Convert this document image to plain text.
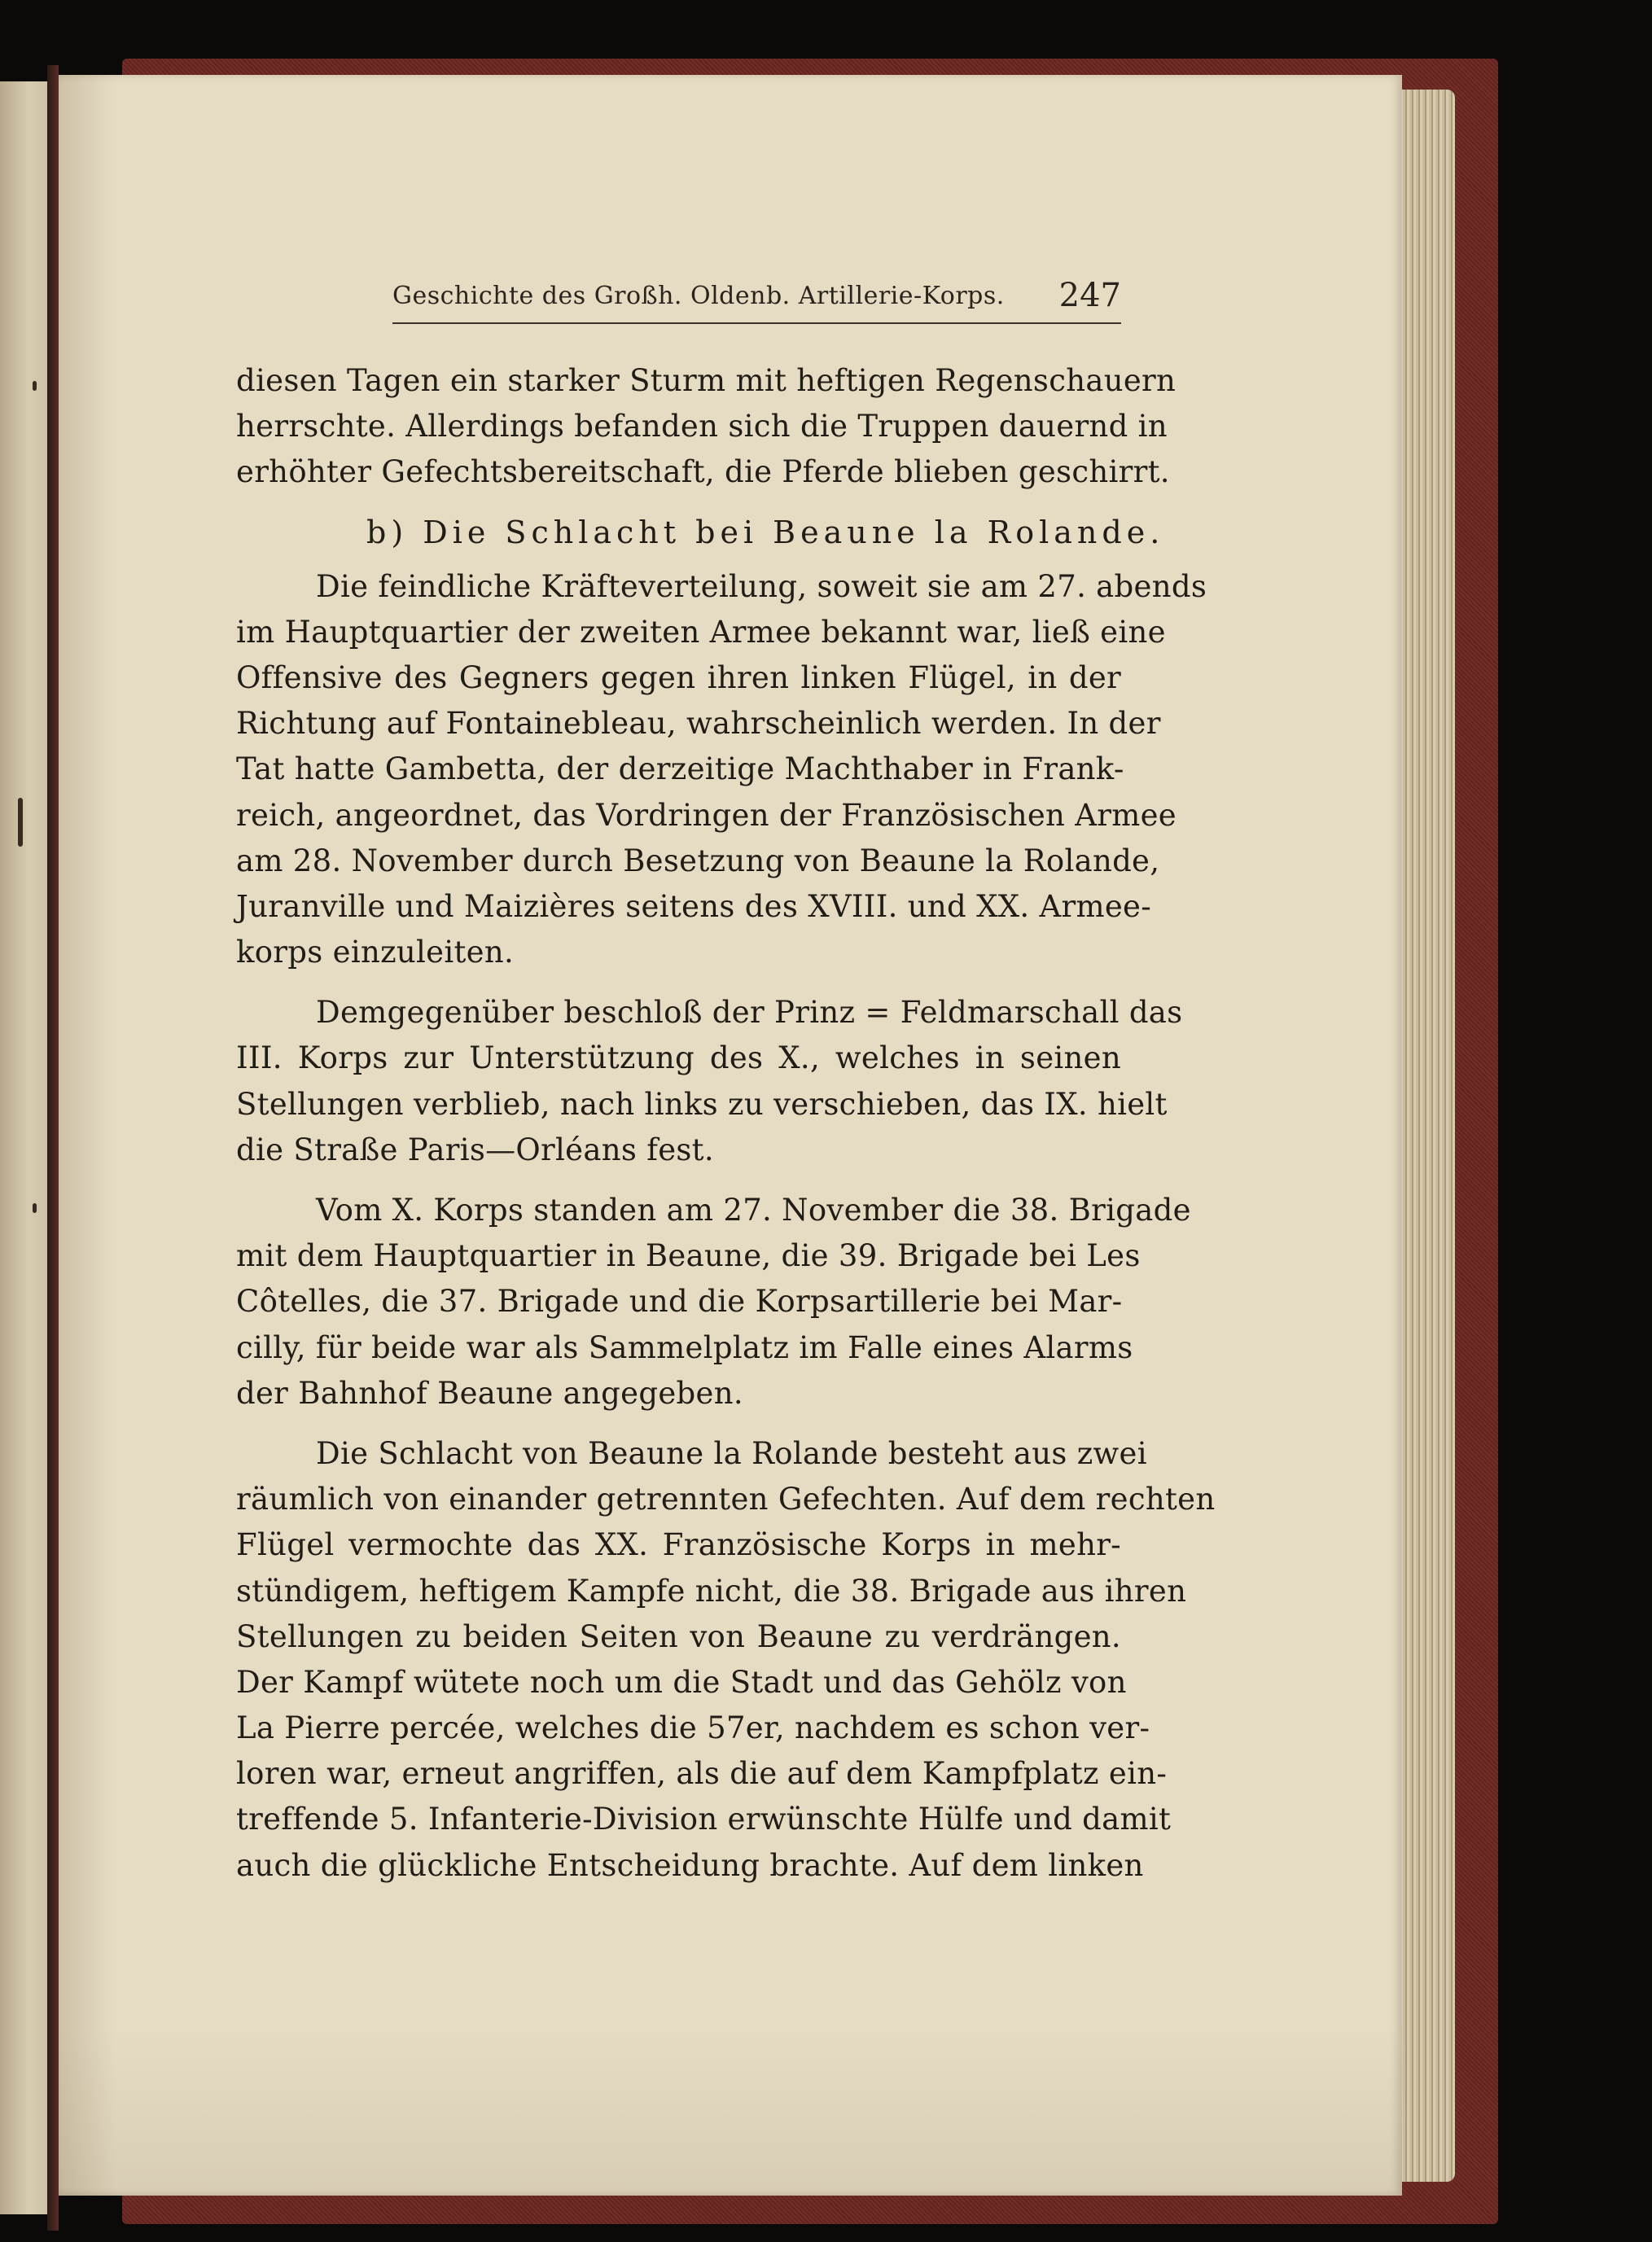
Geschichte des Großh. Oldenb. Artillerie-Korps. 247
diesen Tagen ein starker Sturm mit heftigen Regenschauern
herrschte. Allerdings befanden sich die Truppen dauernd in
erhöhter Gefechtsbereitschaft, die Pferde blieben geschirrt.
b) Die Schlacht bei Beaune la Rolande.
Die feindliche Kräfteverteilung, soweit sie am 27. abends
im Hauptquartier der zweiten Armee bekannt war, ließ eine
Offensive des Gegners gegen ihren linken Flügel, in der
Richtung auf Fontainebleau, wahrscheinlich werden. In der
Tat hatte Gambetta, der derzeitige Machthaber in Frank-
reich, angeordnet, das Vordringen der Französischen Armee
am 28. November durch Besetzung von Beaune la Rolande,
Juranville und Maizières seitens des XVIII. und XX. Armee-
korps einzuleiten.
Demgegenüber beschloß der Prinz = Feldmarschall das
III. Korps zur Unterstützung des X., welches in seinen
Stellungen verblieb, nach links zu verschieben, das IX. hielt
die Straße Paris—Orléans fest.
Vom X. Korps standen am 27. November die 38. Brigade
mit dem Hauptquartier in Beaune, die 39. Brigade bei Les
Côtelles, die 37. Brigade und die Korpsartillerie bei Mar-
cilly, für beide war als Sammelplatz im Falle eines Alarms
der Bahnhof Beaune angegeben.
Die Schlacht von Beaune la Rolande besteht aus zwei
räumlich von einander getrennten Gefechten. Auf dem rechten
Flügel vermochte das XX. Französische Korps in mehr-
stündigem, heftigem Kampfe nicht, die 38. Brigade aus ihren
Stellungen zu beiden Seiten von Beaune zu verdrängen.
Der Kampf wütete noch um die Stadt und das Gehölz von
La Pierre percée, welches die 57er, nachdem es schon ver-
loren war, erneut angriffen, als die auf dem Kampfplatz ein-
treffende 5. Infanterie-Division erwünschte Hülfe und damit
auch die glückliche Entscheidung brachte. Auf dem linken
